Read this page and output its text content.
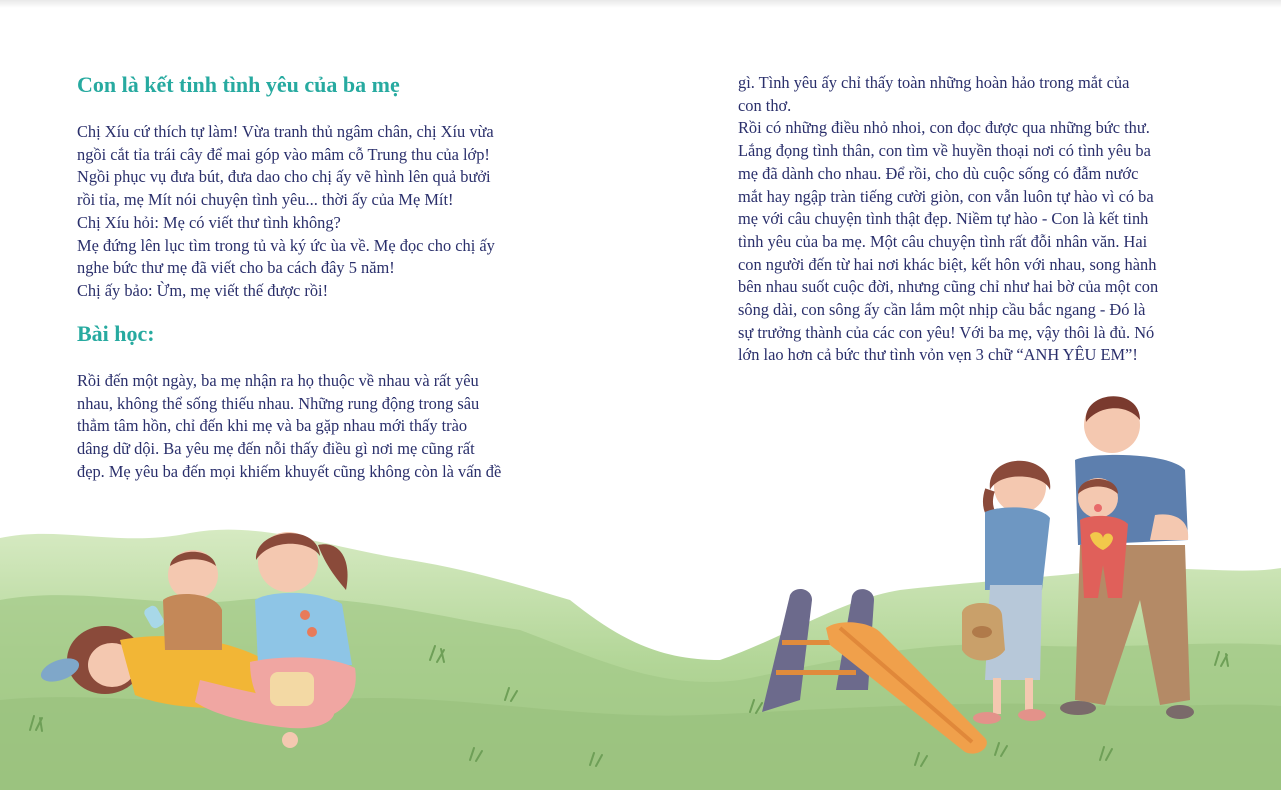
Con là kết tinh tình yêu của ba mẹ
Chị Xíu cứ thích tự làm! Vừa tranh thủ ngâm chân, chị Xíu vừa
ngồi cắt tỉa trái cây để mai góp vào mâm cỗ Trung thu của lớp!
Ngồi phục vụ đưa bút, đưa dao cho chị ấy vẽ hình lên quả bưởi
rồi tỉa, mẹ Mít nói chuyện tình yêu... thời ấy của Mẹ Mít!
Chị Xíu hỏi: Mẹ có viết thư tình không?
Mẹ đứng lên lục tìm trong tủ và ký ức ùa về. Mẹ đọc cho chị ấy
nghe bức thư mẹ đã viết cho ba cách đây 5 năm!
Chị ấy bảo: Ừm, mẹ viết thế được rồi!
Bài học:
Rồi đến một ngày, ba mẹ nhận ra họ thuộc về nhau và rất yêu
nhau, không thể sống thiếu nhau. Những rung động trong sâu
thẳm tâm hồn, chỉ đến khi mẹ và ba gặp nhau mới thấy trào
dâng dữ dội. Ba yêu mẹ đến nỗi thấy điều gì nơi mẹ cũng rất
đẹp. Mẹ yêu ba đến mọi khiếm khuyết cũng không còn là vấn đề
gì. Tình yêu ấy chỉ thấy toàn những hoàn hảo trong mắt của
con thơ.
Rồi có những điều nhỏ nhoi, con đọc được qua những bức thư.
Lắng đọng tình thân, con tìm về huyền thoại nơi có tình yêu ba
mẹ đã dành cho nhau. Để rồi, cho dù cuộc sống có đẫm nước
mắt hay ngập tràn tiếng cười giòn, con vẫn luôn tự hào vì có ba
mẹ với câu chuyện tình thật đẹp. Niềm tự hào - Con là kết tinh
tình yêu của ba mẹ. Một câu chuyện tình rất đỗi nhân văn. Hai
con người đến từ hai nơi khác biệt, kết hôn với nhau, song hành
bên nhau suốt cuộc đời, nhưng cũng chỉ như hai bờ của một con
sông dài, con sông ấy cần lắm một nhịp cầu bắc ngang - Đó là
sự trưởng thành của các con yêu! Với ba mẹ, vậy thôi là đủ. Nó
lớn lao hơn cả bức thư tình vỏn vẹn 3 chữ “ANH YÊU EM”!
